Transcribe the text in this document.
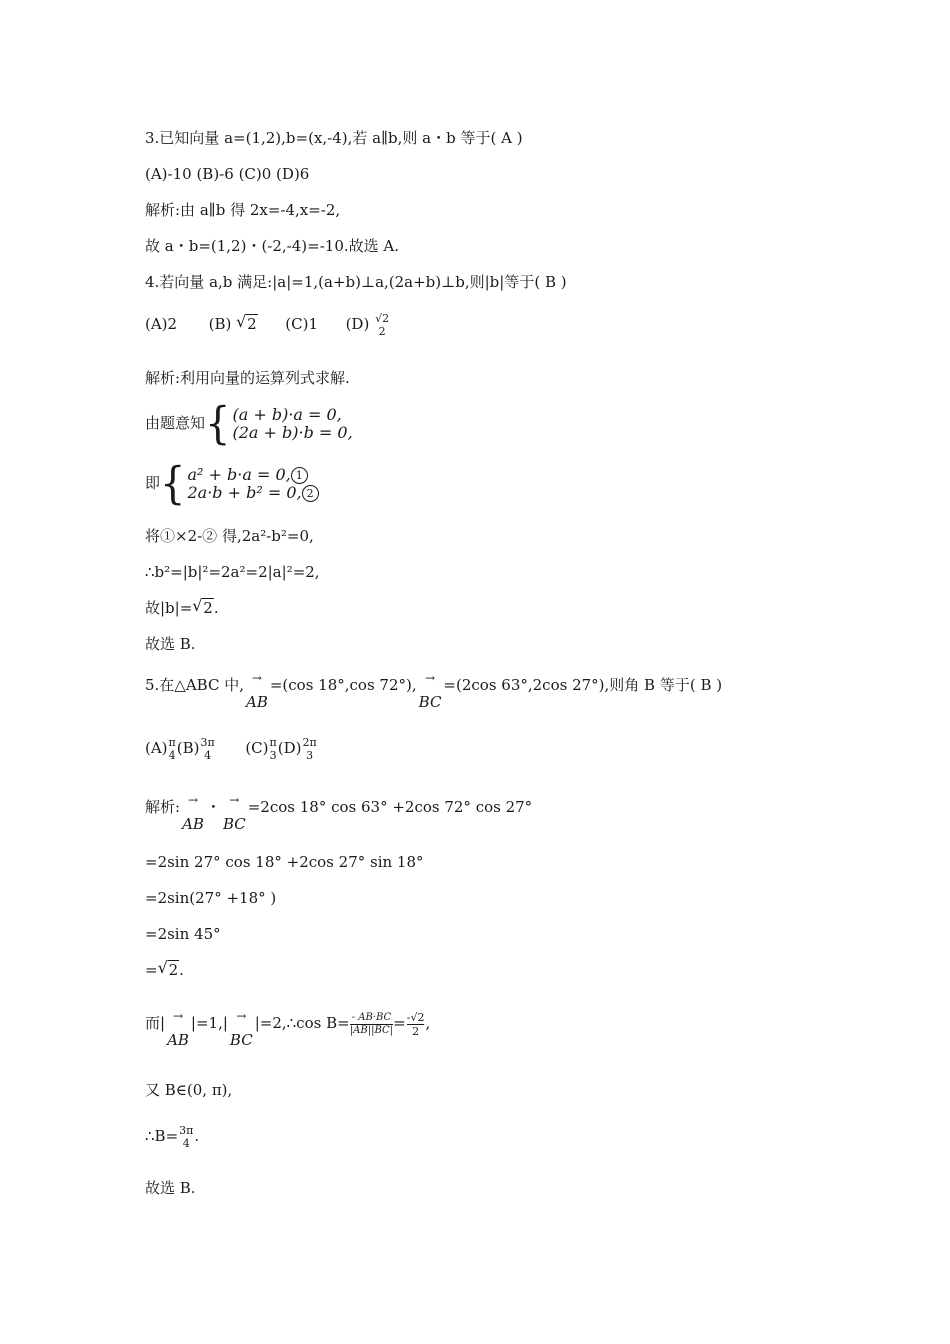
3.已知向量 a=(1,2),b=(x,-4),若 a∥b,则 a・b 等于( A )
(A)-10 (B)-6 (C)0 (D)6
解析:由 a∥b 得 2x=-4,x=-2,
故 a・b=(1,2)・(-2,-4)=-10.故选 A.
4.若向量 a,b 满足:|a|=1,(a+b)⊥a,(2a+b)⊥b,则|b|等于( B )
(A)2 (B) √ 2 (C)1 (D) √2
2
解析:利用向量的运算列式求解.
由题意知{ (a + b)·a = 0,
(2a + b)·b = 0,
即{ a² + b·a = 0, 1
2a·b + b² = 0, 2
将①×2-② 得,2a²-b²=0,
∴b²=|b|²=2a²=2|a|²=2,
故|b|= √ 2.
故选 B.
5.在△ABC 中, →
AB
=(cos 18°,cos 72°), →
BC
=(2cos 63°,2cos 27°),则角 B 等于( B )
(A) π
4 (B) 3π
4 (C) π
3 (D) 2π
3
解析: →
AB
・ →
BC
=2cos 18° cos 63° +2cos 72° cos 27°
=2sin 27° cos 18° +2cos 27° sin 18°
=2sin(27° +18° )
=2sin 45°
= √ 2.
而| →
AB
|=1,| →
BC
|=2,∴cos $B= \frac{- AB\cdot BC}{|AB||BC|} = \frac{-√2}{2}$ ,
又 B∈(0, π),
∴B= 3π
4 .
故选 B.
